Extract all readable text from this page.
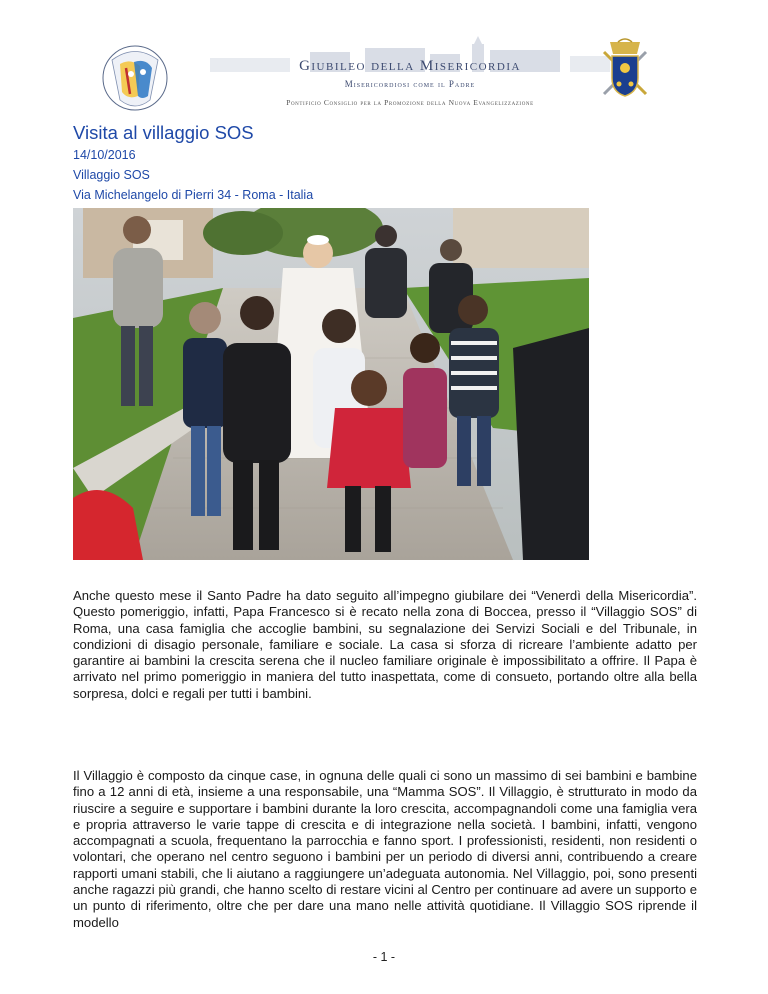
Giubileo della Misericordia
Misericordiosi come il Padre
Pontificio Consiglio per la Promozione della Nuova Evangelizzazione
Visita al villaggio SOS
14/10/2016
Villaggio SOS
Via Michelangelo di Pierri 34 - Roma - Italia

Anche questo mese il Santo Padre ha dato seguito all’impegno giubilare dei “Venerdì della Misericordia”. Questo pomeriggio, infatti, Papa Francesco si è recato nella zona di Boccea, presso il “Villaggio SOS” di Roma, una casa famiglia che accoglie bambini, su segnalazione dei Servizi Sociali e del Tribunale, in condizioni di disagio personale, familiare e sociale. La casa si sforza di ricreare l’ambiente adatto per garantire ai bambini la crescita serena che il nucleo familiare originale è impossibilitato a offrire. Il Papa è arrivato nel primo pomeriggio in maniera del tutto inaspettata, come di consueto, portando oltre alla bella sorpresa, dolci e regali per tutti i bambini.

Il Villaggio è composto da cinque case, in ognuna delle quali ci sono un massimo di sei bambini e bambine fino a 12 anni di età, insieme a una responsabile, una “Mamma SOS”. Il Villaggio, è strutturato in modo da riuscire a seguire e supportare i bambini durante la loro crescita, accompagnandoli come una famiglia vera e propria attraverso le varie tappe di crescita e di integrazione nella società. I bambini, infatti, vengono accompagnati a scuola, frequentano la parrocchia e fanno sport. I professionisti, residenti, non residenti o volontari, che operano nel centro seguono i bambini per un periodo di diversi anni, contribuendo a creare rapporti umani stabili, che li aiutano a raggiungere un’adeguata autonomia. Nel Villaggio, poi, sono presenti anche ragazzi più grandi, che hanno scelto di restare vicini al Centro per continuare ad avere un supporto e un punto di riferimento, oltre che per dare una mano nelle attività quotidiane. Il Villaggio SOS riprende il modello

- 1 -
